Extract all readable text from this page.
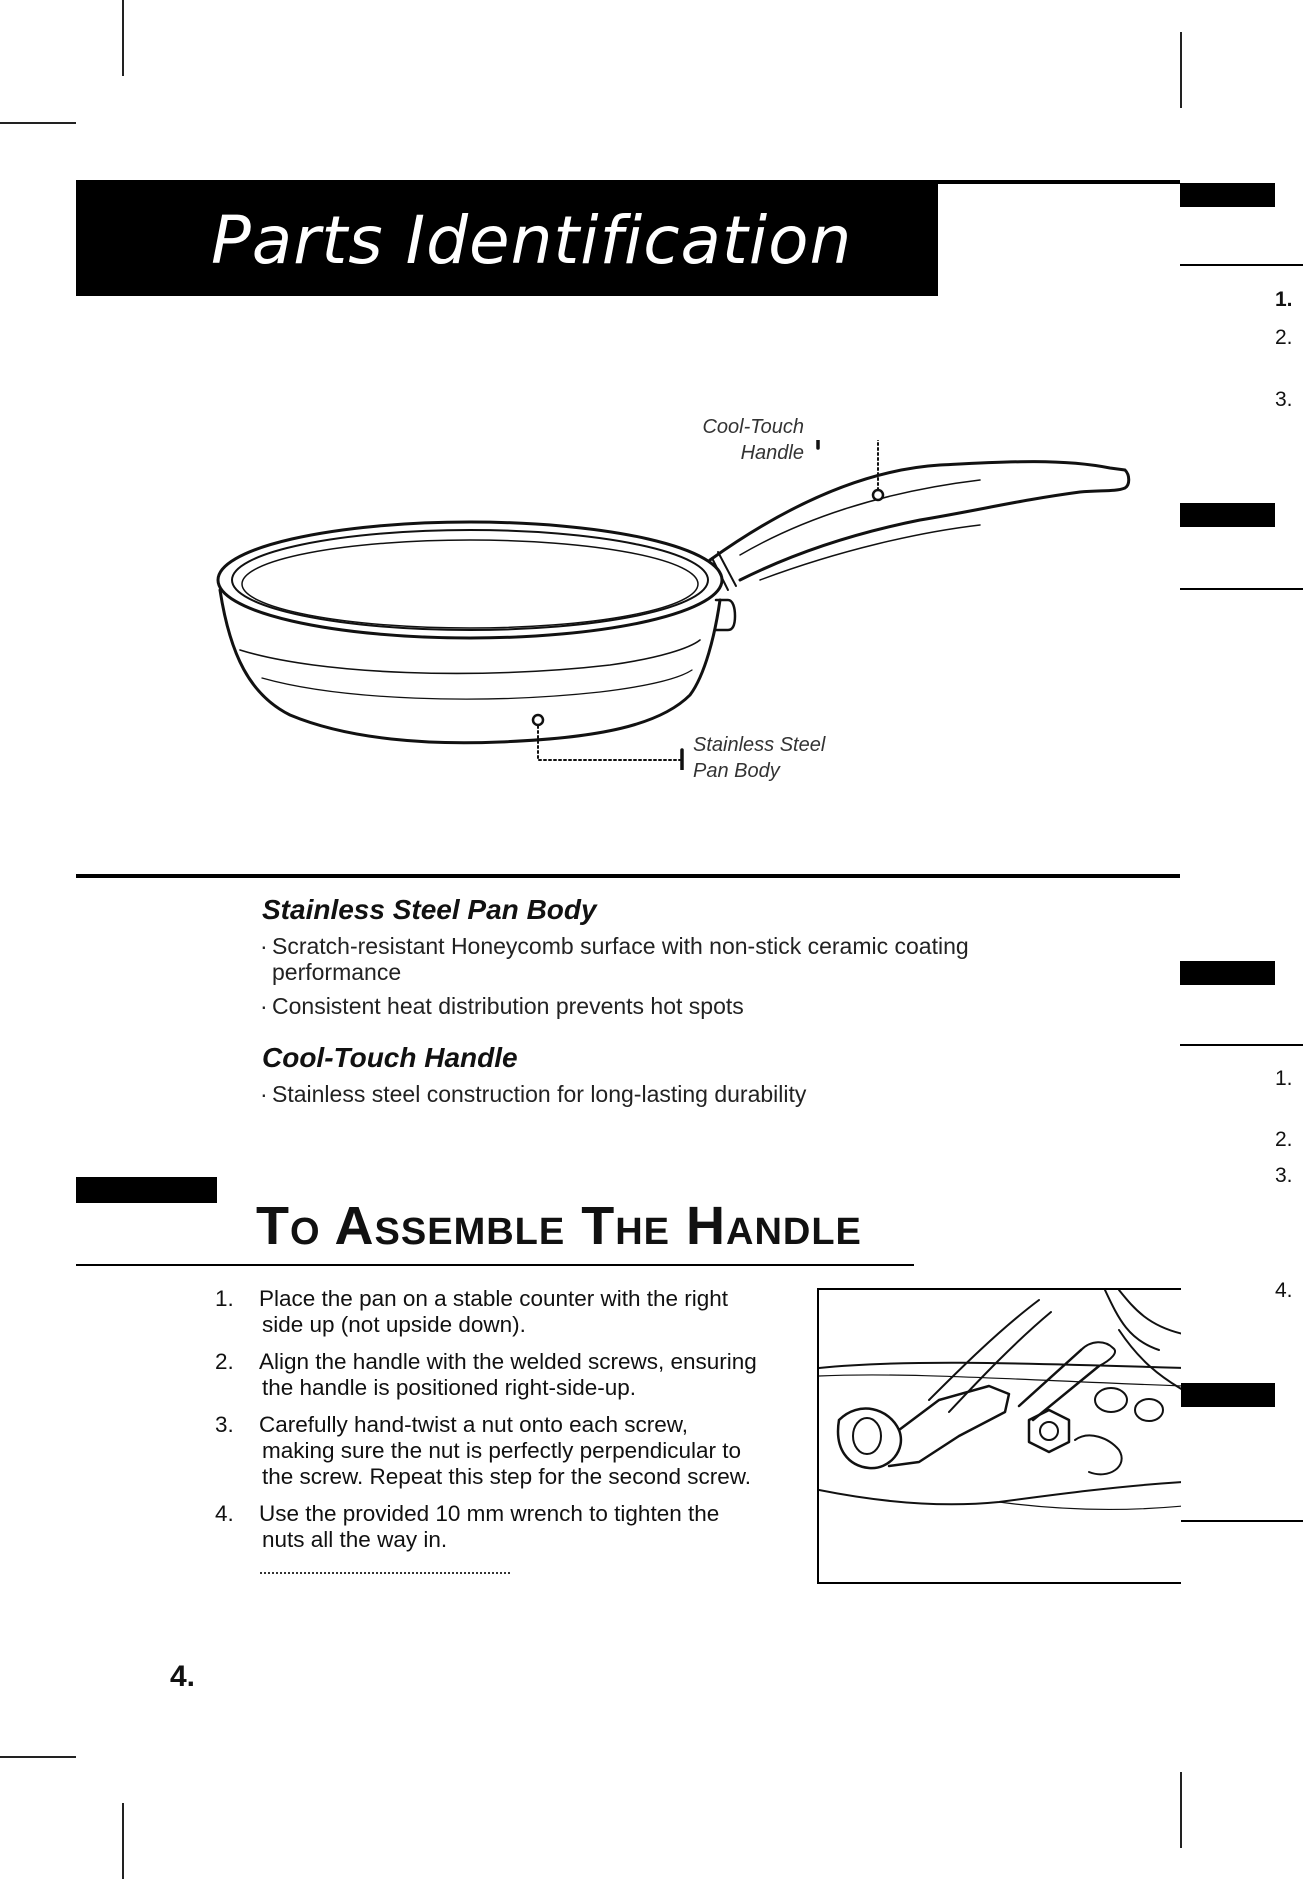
Parts Identification
1.
2.
3.
1.
2.
3.
4.
Cool-Touch
Handle
Stainless Steel
Pan Body
Stainless Steel Pan Body
· Scratch-resistant Honeycomb surface with non-stick ceramic coating performance
· Consistent heat distribution prevents hot spots
Cool-Touch Handle
· Stainless steel construction for long-lasting durability
To Assemble The Handle
1. Place the pan on a stable counter with the right
side up (not upside down).
2. Align the handle with the welded screws, ensuring
the handle is positioned right-side-up.
3. Carefully hand-twist a nut onto each screw,
making sure the nut is perfectly perpendicular to
the screw. Repeat this step for the second screw.
4. Use the provided 10 mm wrench to tighten the
nuts all the way in.
4.
